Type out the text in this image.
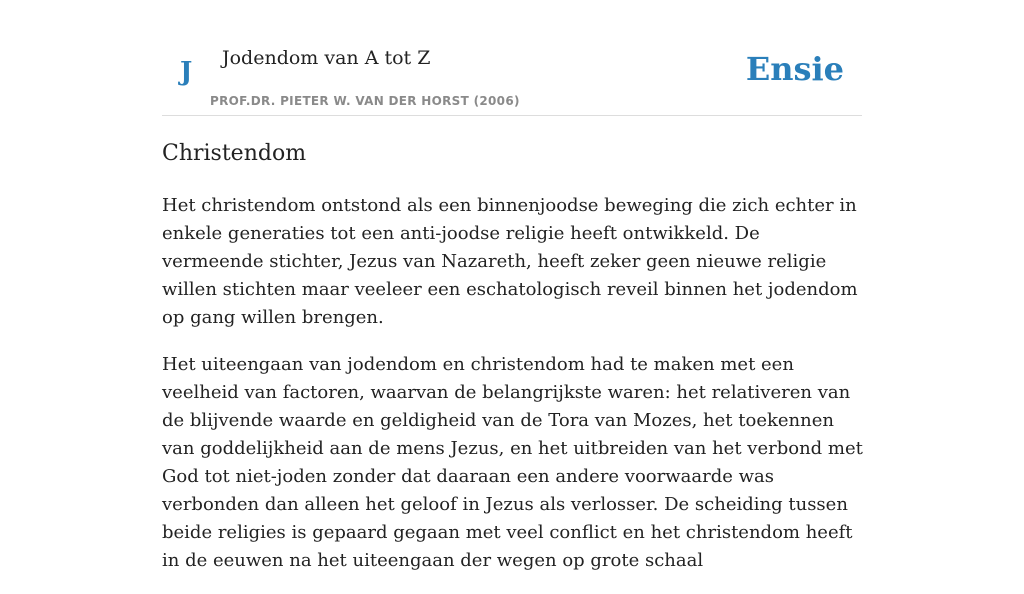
J Jodendom van A tot Z
PROF.DR. PIETER W. VAN DER HORST (2006)
Ensie
Christendom

Het christendom ontstond als een binnenjoodse beweging die zich echter in enkele generaties tot een anti-joodse religie heeft ontwikkeld. De vermeende stichter, Jezus van Nazareth, heeft zeker geen nieuwe religie willen stichten maar veeleer een eschatologisch reveil binnen het jodendom op gang willen brengen.

Het uiteengaan van jodendom en christendom had te maken met een veelheid van factoren, waarvan de belangrijkste waren: het relativeren van de blijvende waarde en geldigheid van de Tora van Mozes, het toekennen van goddelijkheid aan de mens Jezus, en het uitbreiden van het verbond met God tot niet-joden zonder dat daaraan een andere voorwaarde was verbonden dan alleen het geloof in Jezus als verlosser. De scheiding tussen beide religies is gepaard gegaan met veel conflict en het christendom heeft in de eeuwen na het uiteengaan der wegen op grote schaal
